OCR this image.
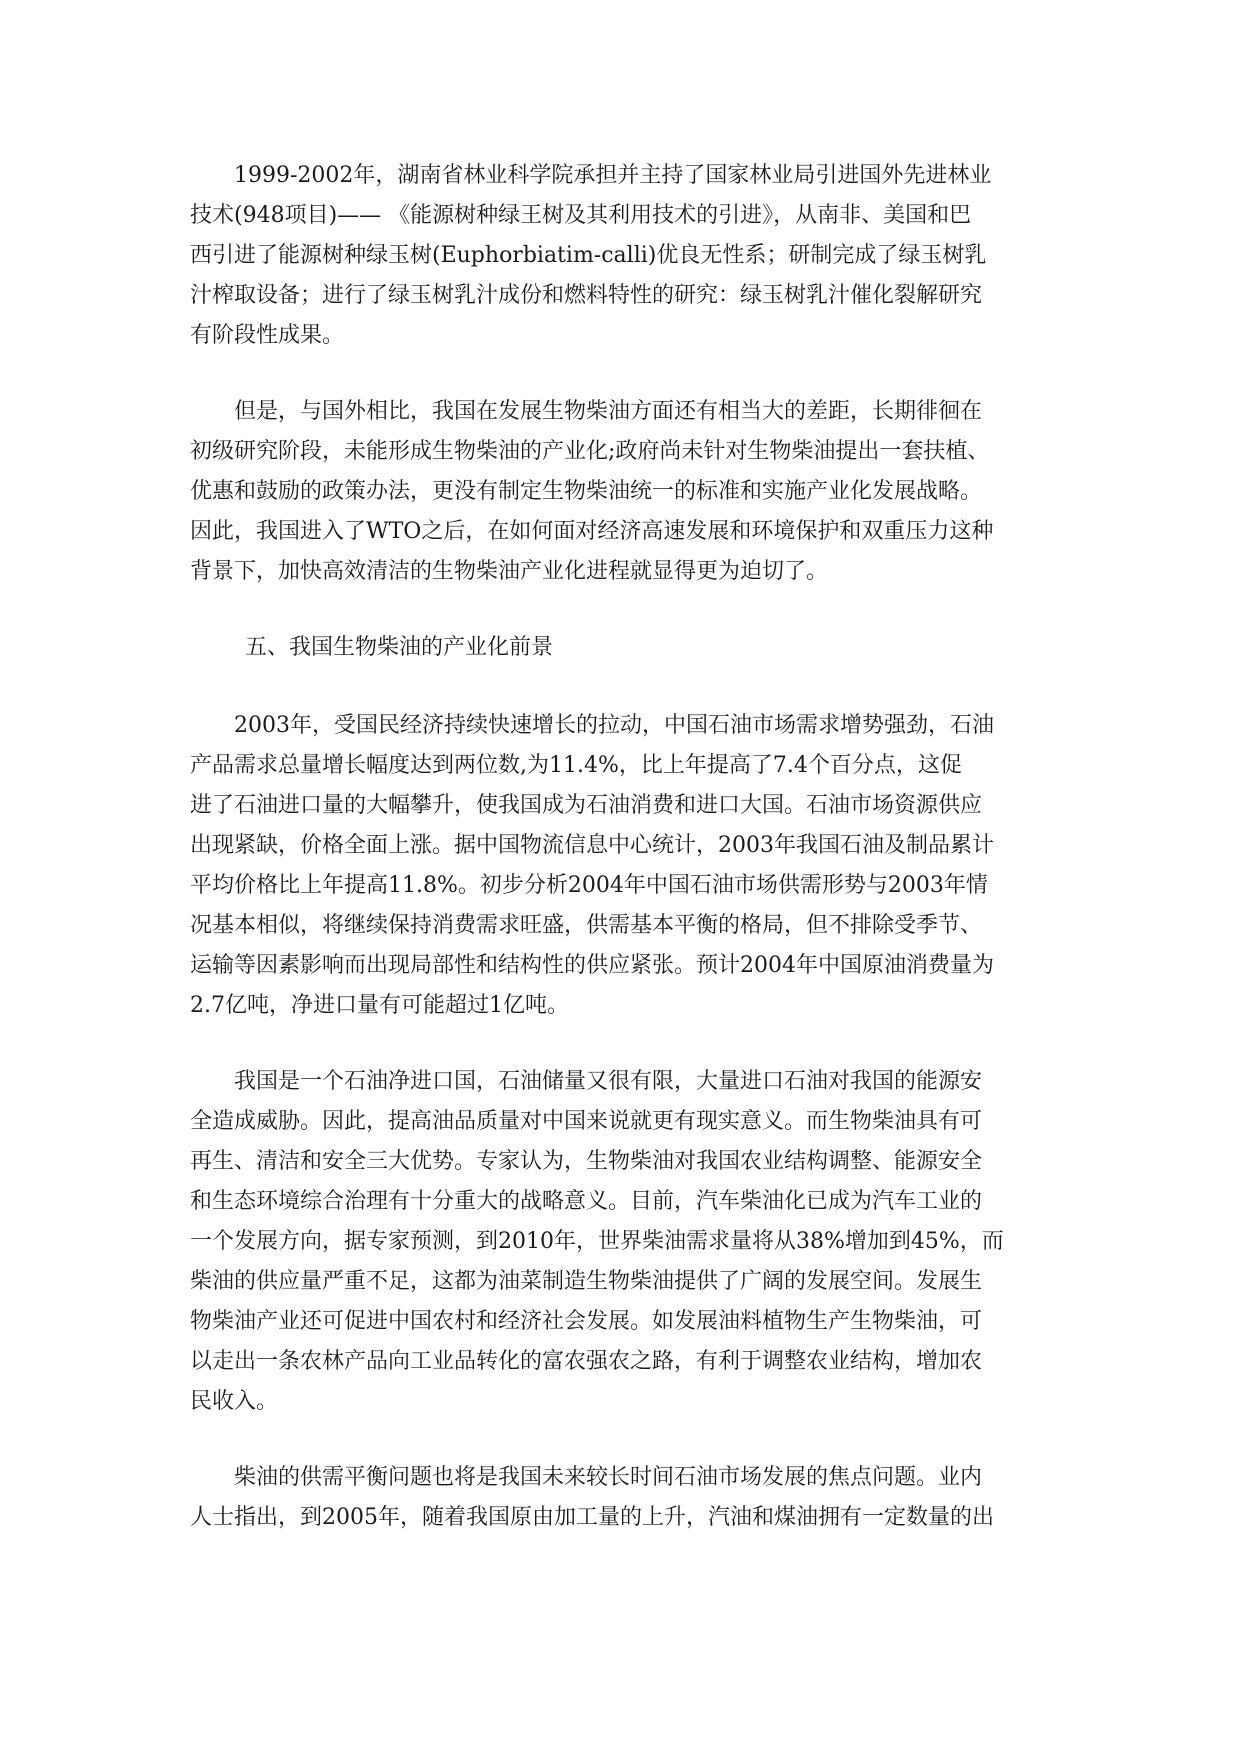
　　1999-2002年，湖南省林业科学院承担并主持了国家林业局引进国外先进林业
技术(948项目)—— 《能源树种绿王树及其利用技术的引进》，从南非、美国和巴
西引进了能源树种绿玉树(Euphorbiatim-calli)优良无性系；研制完成了绿玉树乳
汁榨取设备；进行了绿玉树乳汁成份和燃料特性的研究：绿玉树乳汁催化裂解研究
有阶段性成果。
　　但是，与国外相比，我国在发展生物柴油方面还有相当大的差距，长期徘徊在
初级研究阶段，未能形成生物柴油的产业化;政府尚未针对生物柴油提出一套扶植、
优惠和鼓励的政策办法，更没有制定生物柴油统一的标准和实施产业化发展战略。
因此，我国进入了WTO之后，在如何面对经济高速发展和环境保护和双重压力这种
背景下，加快高效清洁的生物柴油产业化进程就显得更为迫切了。
五、我国生物柴油的产业化前景
　　2003年，受国民经济持续快速增长的拉动，中国石油市场需求增势强劲，石油
产品需求总量增长幅度达到两位数,为11.4%，比上年提高了7.4个百分点，这促
进了石油进口量的大幅攀升，使我国成为石油消费和进口大国。石油市场资源供应
出现紧缺，价格全面上涨。据中国物流信息中心统计，2003年我国石油及制品累计
平均价格比上年提高11.8%。初步分析2004年中国石油市场供需形势与2003年情
况基本相似，将继续保持消费需求旺盛，供需基本平衡的格局，但不排除受季节、
运输等因素影响而出现局部性和结构性的供应紧张。预计2004年中国原油消费量为
2.7亿吨，净进口量有可能超过1亿吨。
　　我国是一个石油净进口国，石油储量又很有限，大量进口石油对我国的能源安
全造成威胁。因此，提高油品质量对中国来说就更有现实意义。而生物柴油具有可
再生、清洁和安全三大优势。专家认为，生物柴油对我国农业结构调整、能源安全
和生态环境综合治理有十分重大的战略意义。目前，汽车柴油化已成为汽车工业的
一个发展方向，据专家预测，到2010年，世界柴油需求量将从38%增加到45%，而
柴油的供应量严重不足，这都为油菜制造生物柴油提供了广阔的发展空间。发展生
物柴油产业还可促进中国农村和经济社会发展。如发展油料植物生产生物柴油，可
以走出一条农林产品向工业品转化的富农强农之路，有利于调整农业结构，增加农
民收入。
　　柴油的供需平衡问题也将是我国未来较长时间石油市场发展的焦点问题。业内
人士指出，到2005年，随着我国原由加工量的上升，汽油和煤油拥有一定数量的出
